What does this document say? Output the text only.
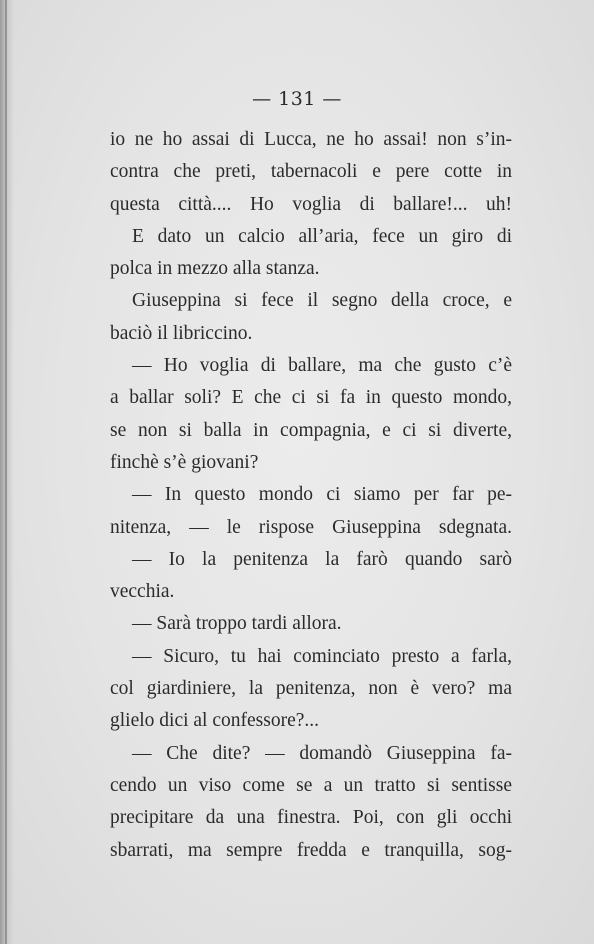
— 131 —
io ne ho assai di Lucca, ne ho assai! non s’in-
contra che preti, tabernacoli e pere cotte in
questa città.... Ho voglia di ballare!... uh!
E dato un calcio all’aria, fece un giro di
polca in mezzo alla stanza.
Giuseppina si fece il segno della croce, e
baciò il libriccino.
— Ho voglia di ballare, ma che gusto c’è
a ballar soli? E che ci si fa in questo mondo,
se non si balla in compagnia, e ci si diverte,
finchè s’è giovani?
— In questo mondo ci siamo per far pe-
nitenza, — le rispose Giuseppina sdegnata.
— Io la penitenza la farò quando sarò
vecchia.
— Sarà troppo tardi allora.
— Sicuro, tu hai cominciato presto a farla,
col giardiniere, la penitenza, non è vero? ma
glielo dici al confessore?...
— Che dite? — domandò Giuseppina fa-
cendo un viso come se a un tratto si sentisse
precipitare da una finestra. Poi, con gli occhi
sbarrati, ma sempre fredda e tranquilla, sog-
